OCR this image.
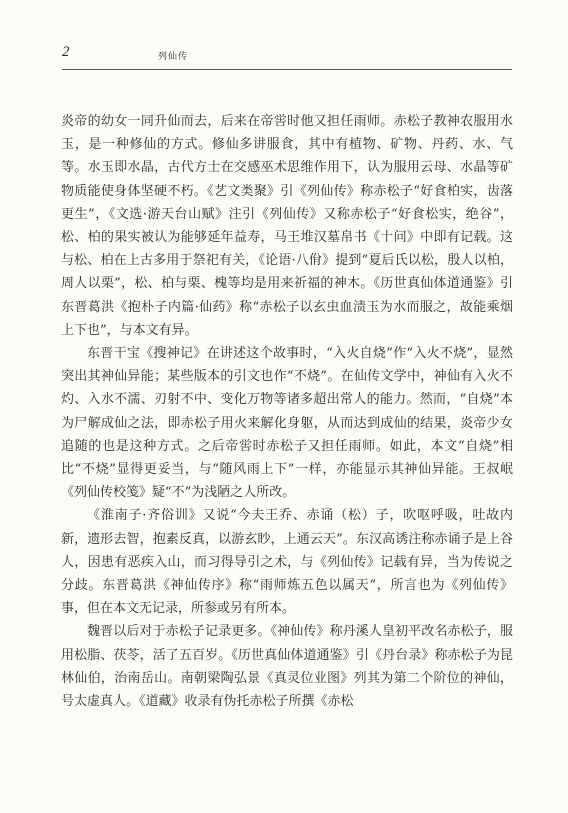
2	列仙传

炎帝的幼女一同升仙而去，后来在帝喾时他又担任雨师。赤松子教神农服用水玉，是一种修仙的方式。修仙多讲服食，其中有植物、矿物、丹药、水、气等。水玉即水晶，古代方士在交感巫术思维作用下，认为服用云母、水晶等矿物质能使身体坚硬不朽。《艺文类聚》引《列仙传》称赤松子“好食柏实，齿落更生”，《文选·游天台山赋》注引《列仙传》又称赤松子“好食松实，绝谷”，松、柏的果实被认为能够延年益寿，马王堆汉墓帛书《十问》中即有记载。这与松、柏在上古多用于祭祀有关，《论语·八佾》提到“夏后氏以松，殷人以柏，周人以栗”，松、柏与栗、槐等均是用来祈福的神木。《历世真仙体道通鉴》引东晋葛洪《抱朴子内篇·仙药》称“赤松子以玄虫血渍玉为水而服之，故能乘烟上下也”，与本文有异。

东晋干宝《搜神记》在讲述这个故事时，“入火自烧”作“入火不烧”，显然突出其神仙异能；某些版本的引文也作“不烧”。在仙传文学中，神仙有入火不灼、入水不濡、刃射不中、变化万物等诸多超出常人的能力。然而，“自烧”本为尸解成仙之法，即赤松子用火来解化身躯，从而达到成仙的结果，炎帝少女追随的也是这种方式。之后帝喾时赤松子又担任雨师。如此，本文“自烧”相比“不烧”显得更妥当，与“随风雨上下”一样，亦能显示其神仙异能。王叔岷《列仙传校笺》疑“不”为浅陋之人所改。

《淮南子·齐俗训》又说“今夫王乔、赤诵（松）子，吹呕呼吸，吐故内新，遗形去智，抱素反真，以游玄眇，上通云天”。东汉高诱注称赤诵子是上谷人，因患有恶疾入山，而习得导引之术，与《列仙传》记载有异，当为传说之分歧。东晋葛洪《神仙传序》称“雨师炼五色以属天”，所言也为《列仙传》事，但在本文无记录，所参或另有所本。

魏晋以后对于赤松子记录更多。《神仙传》称丹溪人皇初平改名赤松子，服用松脂、茯苓，活了五百岁。《历世真仙体道通鉴》引《丹台录》称赤松子为昆林仙伯，治南岳山。南朝梁陶弘景《真灵位业图》列其为第二个阶位的神仙，号太虚真人。《道藏》收录有伪托赤松子所撰《赤松
